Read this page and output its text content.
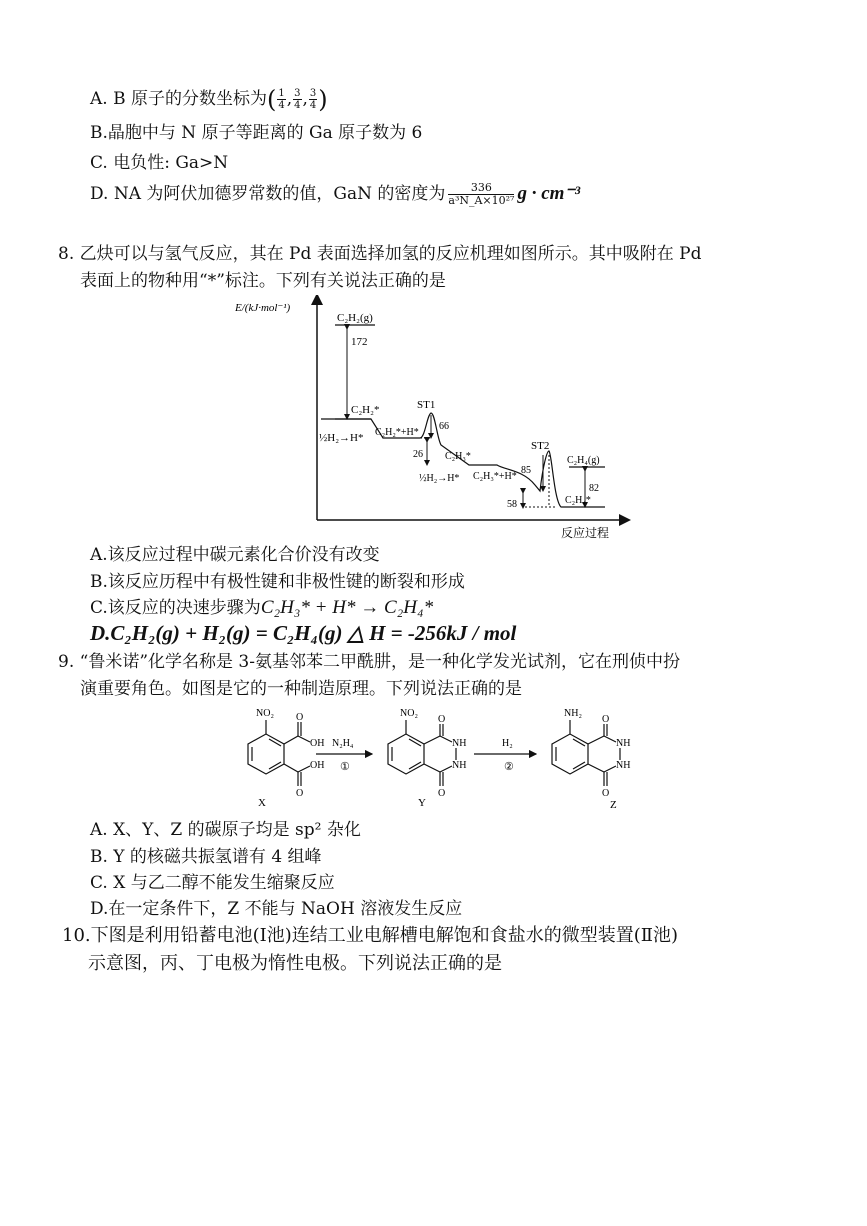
A. B 原子的分数坐标为( $\frac{1}{4}$ , $\frac{3}{4}$ , $\frac{3}{4}$ )
B.晶胞中与 N 原子等距离的 Ga 原子数为 6
C. 电负性: Ga>N
D. NA 为阿伏加德罗常数的值，GaN 的密度为 $\frac{336}{\text{a³N\_A×10²⁷}}$ g · cm⁻³
8. 乙炔可以与氢气反应，其在 Pd 表面选择加氢的反应机理如图所示。其中吸附在 Pd
表面上的物种用“*”标注。下列有关说法正确的是
E/(kJ·mol⁻¹)
反应过程
C₂H₂(g)
172
C₂H₂*
½H₂→H* C₂H₂*+H*
ST1
66
26 C₂H₃*
½H₂→H* C₂H₃*+H*
ST2
85
58
C₂H₄(g)
82
C₂H₄*
A.该反应过程中碳元素化合价没有改变
B.该反应历程中有极性键和非极性键的断裂和形成
C.该反应的决速步骤为C₂H₃* + H* → C₂H₄*
D.C₂H₂(g) + H₂(g) = C₂H₄(g) △ H = -256kJ / mol
9. “鲁米诺”化学名称是 3-氨基邻苯二甲酰肼，是一种化学发光试剂，它在刑侦中扮
演重要角色。如图是它的一种制造原理。下列说法正确的是
NO₂
OH
OH
O
O
X
N₂H₄
①
NO₂
O
NH
NH
O
Y
H₂
②
NH₂
O
NH
NH
O
Z
A. X、Y、Z 的碳原子均是 sp² 杂化
B. Y 的核磁共振氢谱有 4 组峰
C. X 与乙二醇不能发生缩聚反应
D.在一定条件下，Z 不能与 NaOH 溶液发生反应
10.下图是利用铅蓄电池(Ⅰ池)连结工业电解槽电解饱和食盐水的微型装置(Ⅱ池)
示意图，丙、丁电极为惰性电极。下列说法正确的是
